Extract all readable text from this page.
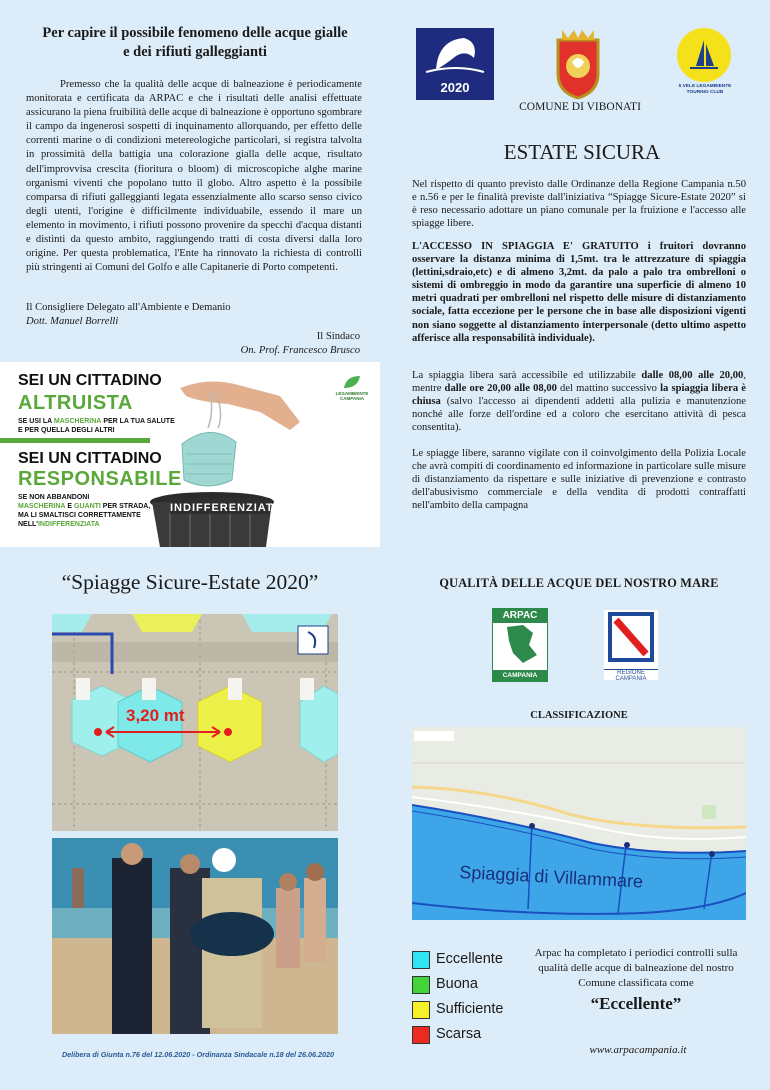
Per capire il possibile fenomeno delle acque gialle
e dei rifiuti galleggianti

Premesso che la qualità delle acque di balneazione è periodicamente monitorata e certificata da ARPAC e che i risultati delle analisi effettuate assicurano la piena fruibilità delle acque di balneazione è opportuno sgombrare il campo da ingenerosi sospetti di inquinamento allorquando, per effetto delle correnti marine o di condizioni metereologiche particolari, si registra talvolta in prossimità della battigia una colorazione gialla delle acque, risultato dell'improvvisa crescita (fioritura o bloom) di microscopiche alghe marine organismi viventi che popolano tutto il globo. Altro aspetto è la possibile comparsa di rifiuti galleggianti legata essenzialmente allo scarso senso civico degli utenti, l'origine è difficilmente individuabile, essendo il mare un elemento in movimento, i rifiuti possono provenire da specchi d'acqua distanti e distinti da questo ambito, raggiungendo tratti di costa diversi dalla loro origine. Per questa problematica, l'Ente ha rinnovato la richiesta di controlli più stringenti ai Comuni del Golfo e alle Capitanerie di Porto competenti.

Il Consigliere Delegato all'Ambiente e Demanio
Dott. Manuel Borrelli
Il Sindaco
On. Prof. Francesco Brusco
SEI UN CITTADINO
ALTRUISTA
SE USI LA MASCHERINA PER LA TUA SALUTE
E PER QUELLA DEGLI ALTRI
SEI UN CITTADINO
RESPONSABILE
SE NON ABBANDONI
MASCHERINA E GUANTI PER STRADA,
MA LI SMALTISCI CORRETTAMENTE
NELL'INDIFFERENZIATA
INDIFFERENZIATA
LEGAMBIENTE
CAMPANIA
2020
COMUNE DI VIBONATI
5 VELE LEGAMBIENTE
TOURING CLUB
ESTATE SICURA

Nel rispetto di quanto previsto dalle Ordinanze della Regione Campania n.50 e n.56 e per le finalità previste dall'iniziativa “Spiagge Sicure-Estate 2020” si è reso necessario adottare un piano comunale per la fruizione e l'accesso alle spiagge libere.

L'ACCESSO IN SPIAGGIA E' GRATUITO i fruitori dovranno osservare la distanza minima di 1,5mt. tra le attrezzature di spiaggia (lettini,sdraio,etc) e di almeno 3,2mt. da palo a palo tra ombrelloni o sistemi di ombreggio in modo da garantire una superficie di almeno 10 metri quadrati per ombrelloni nel rispetto delle misure di distanziamento sociale, fatta eccezione per le persone che in base alle disposizioni vigenti non siano soggette al distanziamento interpersonale (detto ultimo aspetto afferisce alla responsabilità individuale).

La spiaggia libera sarà accessibile ed utilizzabile dalle 08,00 alle 20,00, mentre dalle ore 20,00 alle 08,00 del mattino successivo la spiaggia libera è chiusa (salvo l'accesso ai dipendenti addetti alla pulizia e manutenzione nonché alle forze dell'ordine ed a coloro che esercitano attività di pesca consentita).

Le spiagge libere, saranno vigilate con il coinvolgimento della Polizia Locale che avrà compiti di coordinamento ed informazione in particolare sulle misure di distanziamento da rispettare e sulle iniziative di prevenzione e contrasto dell'abusivismo commerciale e della vendita di prodotti contraffatti nell'ambito della campagna

“Spiagge Sicure-Estate 2020”
3,20 mt
Delibera di Giunta n.76 del 12.06.2020 - Ordinanza Sindacale n.18 del 26.06.2020
QUALITÀ DELLE ACQUE DEL NOSTRO MARE
ARPAC
CAMPANIA	REGIONE CAMPANIA
CLASSIFICAZIONE
Spiaggia di Villammare
Eccellente
Buona
Sufficiente
Scarsa
Arpac ha completato i periodici controlli sulla qualità delle acque di balneazione del nostro Comune classificata come
“Eccellente”
www.arpacampania.it
